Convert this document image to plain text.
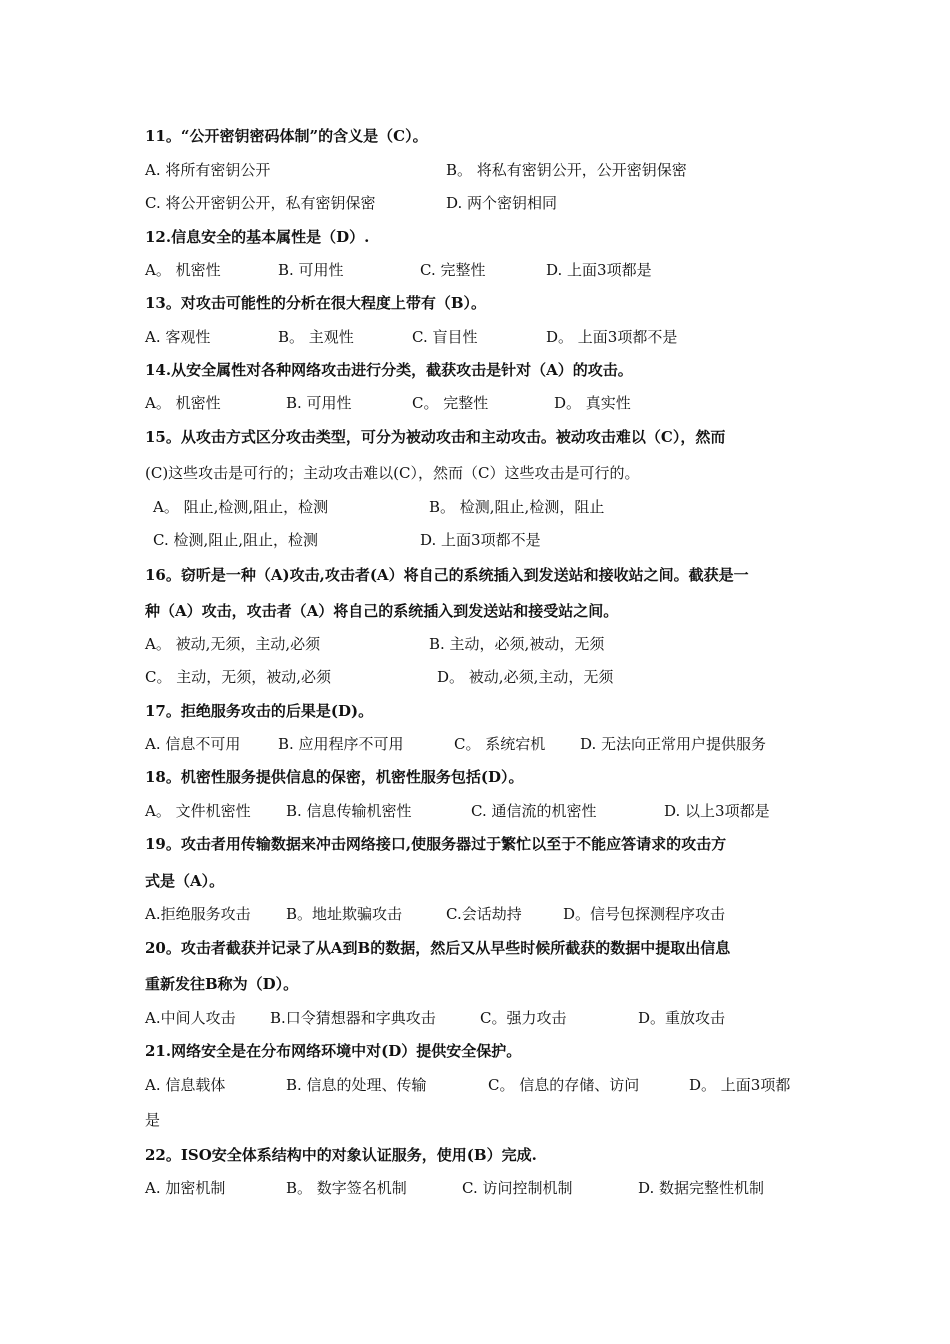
11。“公开密钥密码体制”的含义是（C）。
A. 将所有密钥公开	B。 将私有密钥公开，公开密钥保密
C. 将公开密钥公开，私有密钥保密	D. 两个密钥相同
12.信息安全的基本属性是（D）.
A。 机密性	B. 可用性	C. 完整性	D. 上面3项都是
13。对攻击可能性的分析在很大程度上带有（B）。
A. 客观性	B。 主观性	C. 盲目性	D。 上面3项都不是
14.从安全属性对各种网络攻击进行分类，截获攻击是针对（A）的攻击。
A。 机密性	B. 可用性	C。 完整性	D。 真实性
15。从攻击方式区分攻击类型，可分为被动攻击和主动攻击。被动攻击难以（C），然而
(C)这些攻击是可行的；主动攻击难以(C），然而（C）这些攻击是可行的。
A。 阻止,检测,阻止，检测	B。 检测,阻止,检测，阻止
C. 检测,阻止,阻止，检测	D. 上面3项都不是
16。窃听是一种（A)攻击,攻击者(A）将自己的系统插入到发送站和接收站之间。截获是一
种（A）攻击，攻击者（A）将自己的系统插入到发送站和接受站之间。
A。 被动,无须，主动,必须	B. 主动，必须,被动，无须
C。 主动，无须，被动,必须	D。 被动,必须,主动，无须
17。拒绝服务攻击的后果是(D)。
A. 信息不可用	B. 应用程序不可用	C。 系统宕机 D. 无法向正常用户提供服务
18。机密性服务提供信息的保密，机密性服务包括(D）。
A。 文件机密性 B. 信息传输机密性	C. 通信流的机密性	D. 以上3项都是
19。攻击者用传输数据来冲击网络接口,使服务器过于繁忙以至于不能应答请求的攻击方
式是（A）。
A.拒绝服务攻击 B。地址欺骗攻击	C.会话劫持	D。信号包探测程序攻击
20。攻击者截获并记录了从A到B的数据，然后又从早些时候所截获的数据中提取出信息
重新发往B称为（D）。
A.中间人攻击 B.口令猜想器和字典攻击	C。强力攻击	D。重放攻击
21.网络安全是在分布网络环境中对(D）提供安全保护。
A. 信息载体	B. 信息的处理、传输	C。 信息的存储、访问	D。 上面3项都
是
22。ISO安全体系结构中的对象认证服务，使用(B）完成.
A. 加密机制	B。 数字签名机制	C. 访问控制机制	D. 数据完整性机制
